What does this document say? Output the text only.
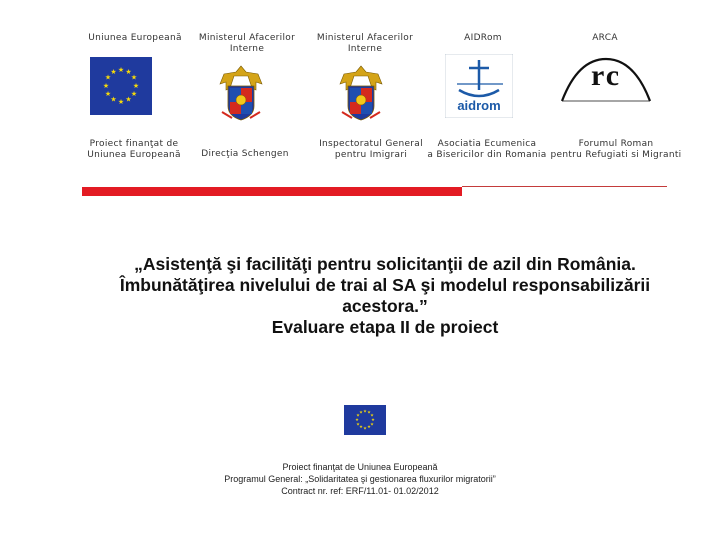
Uniunea Europeană	Ministerul Afacerilor
Interne
Ministerul Afacerilor
Interne
AIDRom	ARCA
★ ★
★
★
★
★
★
★
★
★
★
★
aidrom
rc
Proiect finanţat de
Uniunea Europeană	Direcţia Schengen
Inspectoratul General
pentru Imigrari
Asociatia Ecumenica
a Bisericilor din Romania
Forumul Roman
pentru Refugiati si Migranti
„Asistenţă şi facilităţi pentru solicitanţii de azil din România.
Îmbunătăţirea nivelului de trai al SA şi modelul responsabilizării
acestora.”
Evaluare etapa II de proiect
★ ★
★
★
★
★
★
★
★
★
★
★
Proiect finanţat de Uniunea Europeană
Programul General: „Solidaritatea şi gestionarea fluxurilor migratorii”
Contract nr. ref: ERF/11.01- 01.02/2012
